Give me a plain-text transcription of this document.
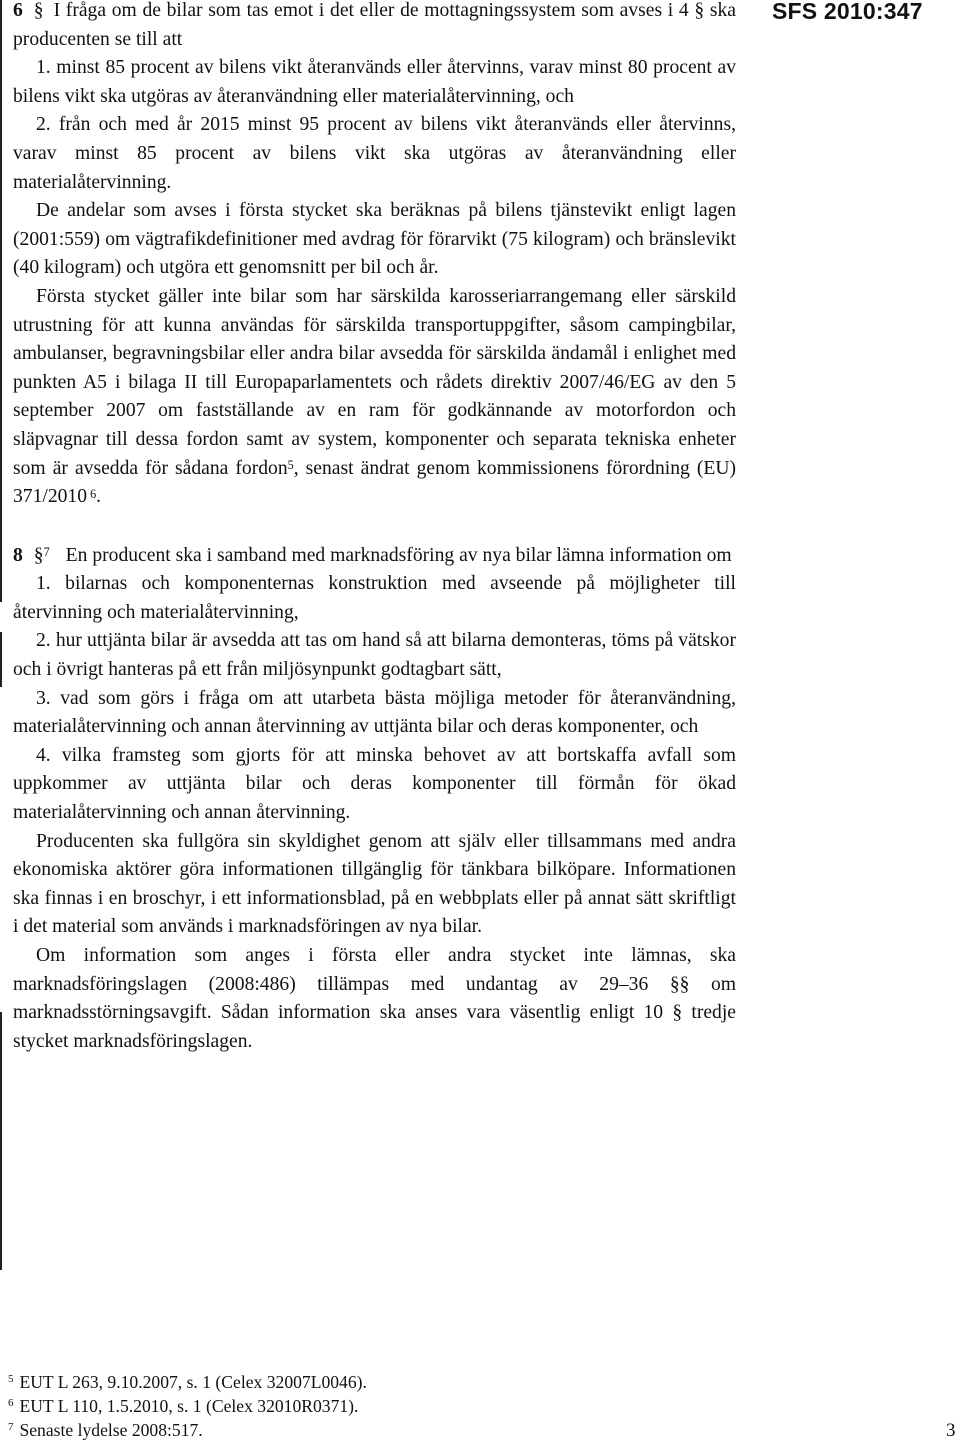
SFS 2010:347

6 § I fråga om de bilar som tas emot i det eller de mottagningssystem som avses i 4 § ska producenten se till att

1. minst 85 procent av bilens vikt återanvänds eller återvinns, varav minst 80 procent av bilens vikt ska utgöras av återanvändning eller materialåtervinning, och

2. från och med år 2015 minst 95 procent av bilens vikt återanvänds eller återvinns, varav minst 85 procent av bilens vikt ska utgöras av återanvändning eller materialåtervinning.

De andelar som avses i första stycket ska beräknas på bilens tjänstevikt enligt lagen (2001:559) om vägtrafikdefinitioner med avdrag för förarvikt (75 kilogram) och bränslevikt (40 kilogram) och utgöra ett genomsnitt per bil och år.

Första stycket gäller inte bilar som har särskilda karosseriarrangemang eller särskild utrustning för att kunna användas för särskilda transportuppgifter, såsom campingbilar, ambulanser, begravningsbilar eller andra bilar avsedda för särskilda ändamål i enlighet med punkten A5 i bilaga II till Europaparlamentets och rådets direktiv 2007/46/EG av den 5 september 2007 om fastställande av en ram för godkännande av motorfordon och släpvagnar till dessa fordon samt av system, komponenter och separata tekniska enheter som är avsedda för sådana fordon$^5$, senast ändrat genom kommissionens förordning (EU) 371/2010 $^6$.

8 §$^7$ En producent ska i samband med marknadsföring av nya bilar lämna information om

1. bilarnas och komponenternas konstruktion med avseende på möjligheter till återvinning och materialåtervinning,

2. hur uttjänta bilar är avsedda att tas om hand så att bilarna demonteras, töms på vätskor och i övrigt hanteras på ett från miljösynpunkt godtagbart sätt,

3. vad som görs i fråga om att utarbeta bästa möjliga metoder för återanvändning, materialåtervinning och annan återvinning av uttjänta bilar och deras komponenter, och

4. vilka framsteg som gjorts för att minska behovet av att bortskaffa avfall som uppkommer av uttjänta bilar och deras komponenter till förmån för ökad materialåtervinning och annan återvinning.

Producenten ska fullgöra sin skyldighet genom att själv eller tillsammans med andra ekonomiska aktörer göra informationen tillgänglig för tänkbara bilköpare. Informationen ska finnas i en broschyr, i ett informationsblad, på en webbplats eller på annat sätt skriftligt i det material som används i marknadsföringen av nya bilar.

Om information som anges i första eller andra stycket inte lämnas, ska marknadsföringslagen (2008:486) tillämpas med undantag av 29–36 §§ om marknadsstörningsavgift. Sådan information ska anses vara väsentlig enligt 10 § tredje stycket marknadsföringslagen.

$^5$ EUT L 263, 9.10.2007, s. 1 (Celex 32007L0046).
$^6$ EUT L 110, 1.5.2010, s. 1 (Celex 32010R0371).
$^7$ Senaste lydelse 2008:517.	3
